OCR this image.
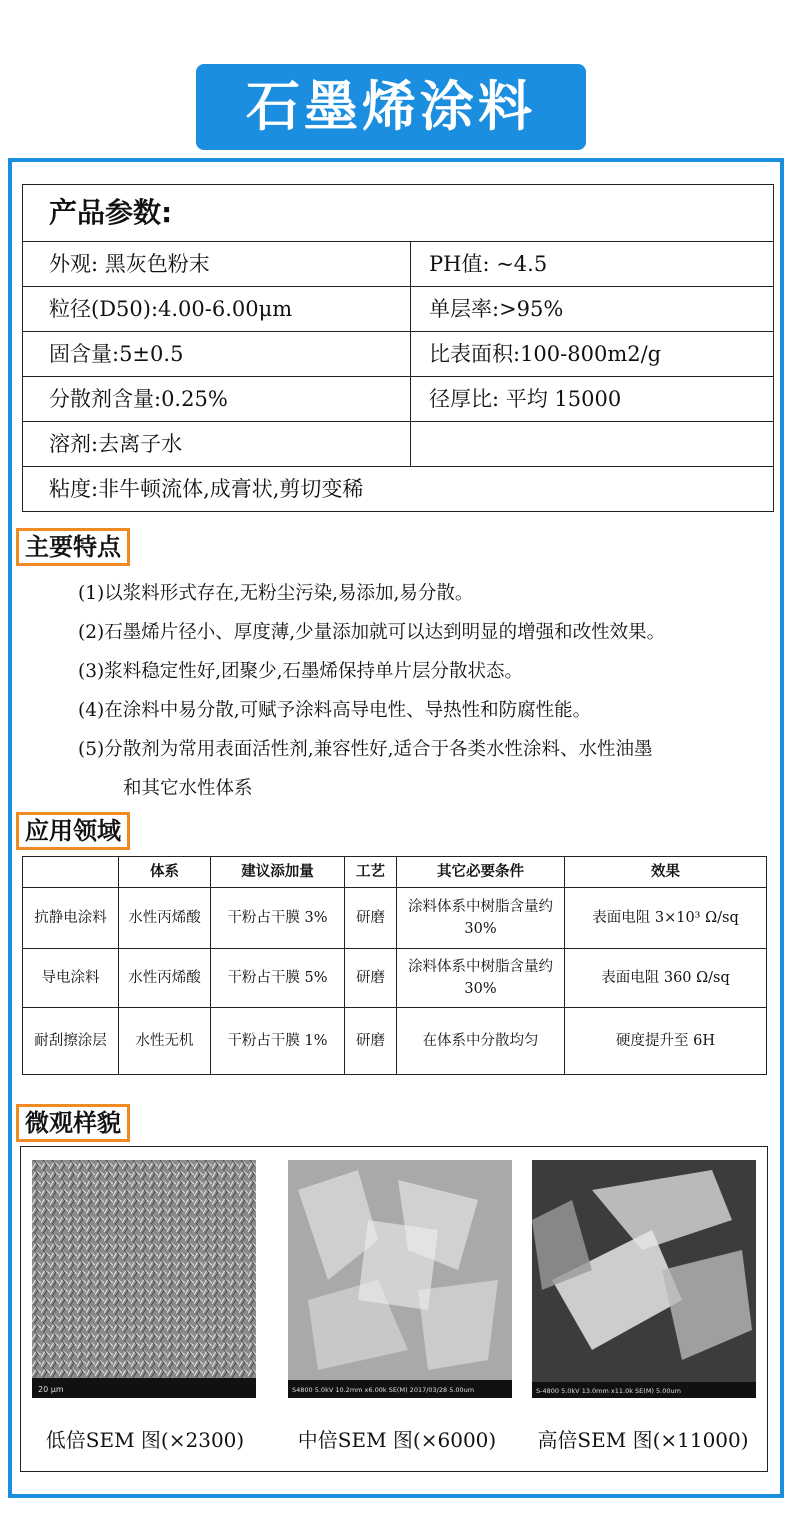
石墨烯涂料
产品参数:
外观: 黑灰色粉末	PH值: ~4.5
粒径(D50):4.00-6.00μm	单层率:>95%
固含量:5±0.5	比表面积:100-800m2/g
分散剂含量:0.25%	径厚比: 平均 15000
溶剂:去离子水
粘度:非牛顿流体,成膏状,剪切变稀
主要特点
(1)以浆料形式存在,无粉尘污染,易添加,易分散。
(2)石墨烯片径小、厚度薄,少量添加就可以达到明显的增强和改性效果。
(3)浆料稳定性好,团聚少,石墨烯保持单片层分散状态。
(4)在涂料中易分散,可赋予涂料高导电性、导热性和防腐性能。
(5)分散剂为常用表面活性剂,兼容性好,适合于各类水性涂料、水性油墨
和其它水性体系
应用领域
	体系	建议添加量	工艺	其它必要条件	效果
抗静电涂料	水性丙烯酸	干粉占干膜 3%	研磨	涂料体系中树脂含量约 30%	表面电阻 3×10³ Ω/sq
导电涂料	水性丙烯酸	干粉占干膜 5%	研磨	涂料体系中树脂含量约 30%	表面电阻 360 Ω/sq
耐刮擦涂层	水性无机	干粉占干膜 1%	研磨	在体系中分散均匀	硬度提升至 6H
微观样貌
20 μm	S4800 5.0kV 10.2mm x6.00k SE(M) 2017/03/28 5.00um	S-4800 5.0kV 13.0mm x11.0k SE(M) 5.00um
低倍SEM 图(×2300)	中倍SEM 图(×6000)	高倍SEM 图(×11000)
